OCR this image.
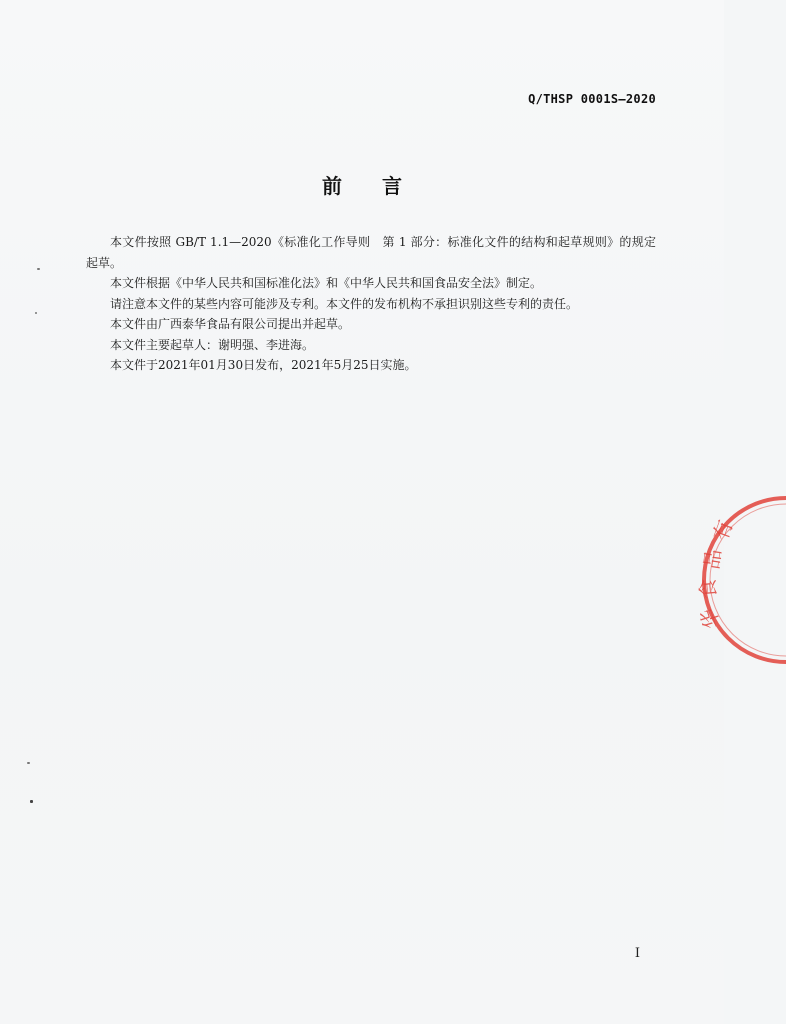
Q/THSP 0001S—2020
前言

本文件按照 GB/T 1.1—2020《标准化工作导则　第 1 部分：标准化文件的结构和起草规则》的规定起草。

本文件根据《中华人民共和国标准化法》和《中华人民共和国食品安全法》制定。

请注意本文件的某些内容可能涉及专利。本文件的发布机构不承担识别这些专利的责任。

本文件由广西泰华食品有限公司提出并起草。

本文件主要起草人：谢明强、李进海。

本文件于2021年01月30日发布，2021年5月25日实施。

I
有
品
食
华
